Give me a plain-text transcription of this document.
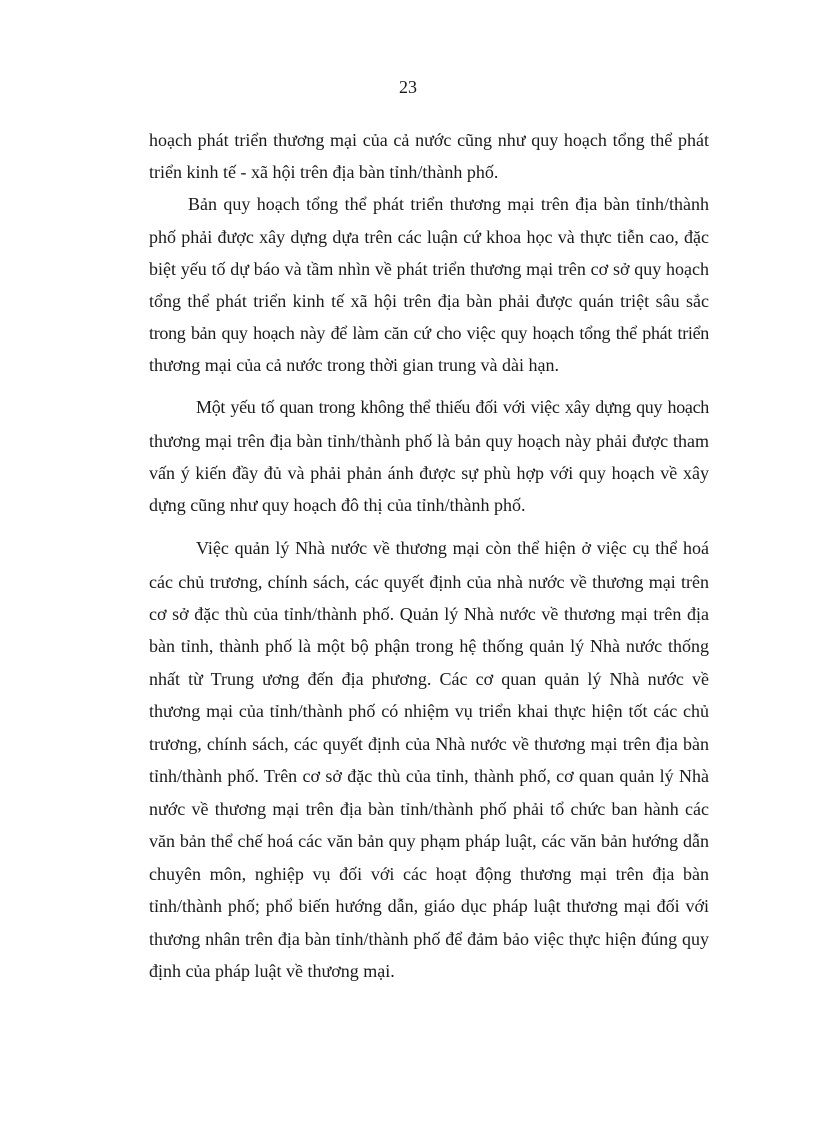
23
hoạch phát triển thương mại của cả nước cũng như quy hoạch tổng thể phát
triển kinh tế - xã hội trên địa bàn tỉnh/thành phố.
Bản quy hoạch tổng thể phát triển thương mại trên địa bàn tỉnh/thành
phố phải được xây dựng dựa trên các luận cứ khoa học và thực tiễn cao, đặc
biệt yếu tố dự báo và tầm nhìn về phát triển thương mại trên cơ sở quy hoạch
tổng thể phát triển kinh tế xã hội trên địa bàn phải được quán triệt sâu sắc
trong bản quy hoạch này để làm căn cứ cho việc quy hoạch tổng thể phát triển
thương mại của cả nước trong thời gian trung và dài hạn.
Một yếu tố quan trong không thể thiếu đối với việc xây dựng quy hoạch
thương mại trên địa bàn tỉnh/thành phố là bản quy hoạch này phải được tham
vấn ý kiến đầy đủ và phải phản ánh được sự phù hợp với quy hoạch về xây
dựng cũng như quy hoạch đô thị của tỉnh/thành phố.
Việc quản lý Nhà nước về thương mại còn thể hiện ở việc cụ thể hoá
các chủ trương, chính sách, các quyết định của nhà nước về thương mại trên
cơ sở đặc thù của tỉnh/thành phố. Quản lý Nhà nước về thương mại trên địa
bàn tỉnh, thành phố là một bộ phận trong hệ thống quản lý Nhà nước thống
nhất từ Trung ương đến địa phương. Các cơ quan quản lý Nhà nước về
thương mại của tỉnh/thành phố có nhiệm vụ triển khai thực hiện tốt các chủ
trương, chính sách, các quyết định của Nhà nước về thương mại trên địa bàn
tỉnh/thành phố. Trên cơ sở đặc thù của tỉnh, thành phố, cơ quan quản lý Nhà
nước về thương mại trên địa bàn tỉnh/thành phố phải tổ chức ban hành các
văn bản thể chế hoá các văn bản quy phạm pháp luật, các văn bản hướng dẫn
chuyên môn, nghiệp vụ đối với các hoạt động thương mại trên địa bàn
tỉnh/thành phố; phổ biến hướng dẫn, giáo dục pháp luật thương mại đối với
thương nhân trên địa bàn tỉnh/thành phố để đảm bảo việc thực hiện đúng quy
định của pháp luật về thương mại.
